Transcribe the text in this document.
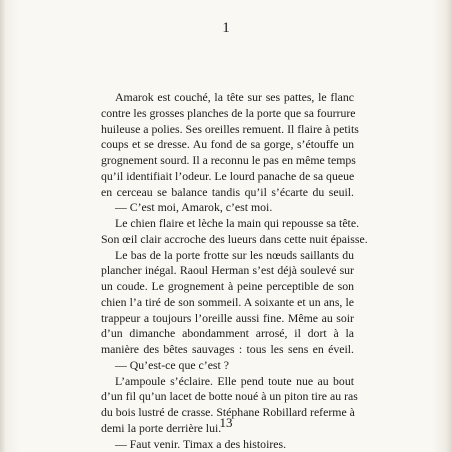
1
Amarok est couché, la tête sur ses pattes, le flanc
contre les grosses planches de la porte que sa fourrure
huileuse a polies. Ses oreilles remuent. Il flaire à petits
coups et se dresse. Au fond de sa gorge, s’étouffe un
grognement sourd. Il a reconnu le pas en même temps
qu’il identifiait l’odeur. Le lourd panache de sa queue
en cerceau se balance tandis qu’il s’écarte du seuil.
— C’est moi, Amarok, c’est moi.
Le chien flaire et lèche la main qui repousse sa tête.
Son œil clair accroche des lueurs dans cette nuit épaisse.
Le bas de la porte frotte sur les nœuds saillants du
plancher inégal. Raoul Herman s’est déjà soulevé sur
un coude. Le grognement à peine perceptible de son
chien l’a tiré de son sommeil. A soixante et un ans, le
trappeur a toujours l’oreille aussi fine. Même au soir
d’un dimanche abondamment arrosé, il dort à la
manière des bêtes sauvages : tous les sens en éveil.
— Qu’est-ce que c’est ?
L’ampoule s’éclaire. Elle pend toute nue au bout
d’un fil qu’un lacet de botte noué à un piton tire au ras
du bois lustré de crasse. Stéphane Robillard referme à
demi la porte derrière lui.
— Faut venir. Timax a des histoires.
13
